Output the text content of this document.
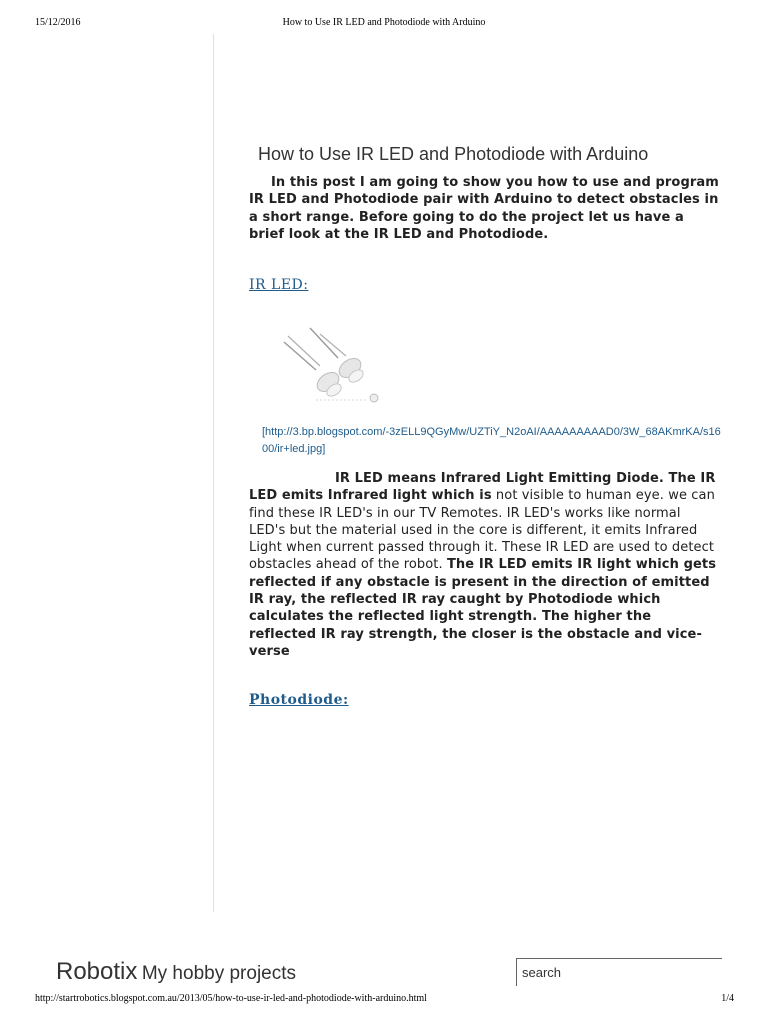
15/12/2016	How to Use IR LED and Photodiode with Arduino
How to Use IR LED and Photodiode with Arduino

In this post I am going to show you how to use and program IR LED and Photodiode pair with Arduino to detect obstacles in a short range. Before going to do the project let us have a brief look at the IR LED and Photodiode.

IR LED:
[http://3.bp.blogspot.com/-3zELL9QGyMw/UZTiY_N2oAI/AAAAAAAAAD0/3W_68AKmrKA/s1600/ir+led.jpg]

IR LED means Infrared Light Emitting Diode. The IR LED emits Infrared light which is not visible to human eye. we can find these IR LED's in our TV Remotes. IR LED's works like normal LED's but the material used in the core is different, it emits Infrared Light when current passed through it. These IR LED are used to detect obstacles ahead of the robot. The IR LED emits IR light which gets reflected if any obstacle is present in the direction of emitted IR ray, the reflected IR ray caught by Photodiode which calculates the reflected light strength. The higher the reflected IR ray strength, the closer is the obstacle and vice-verse

Photodiode:
Robotix My hobby projects
search
http://startrobotics.blogspot.com.au/2013/05/how-to-use-ir-led-and-photodiode-with-arduino.html	1/4
